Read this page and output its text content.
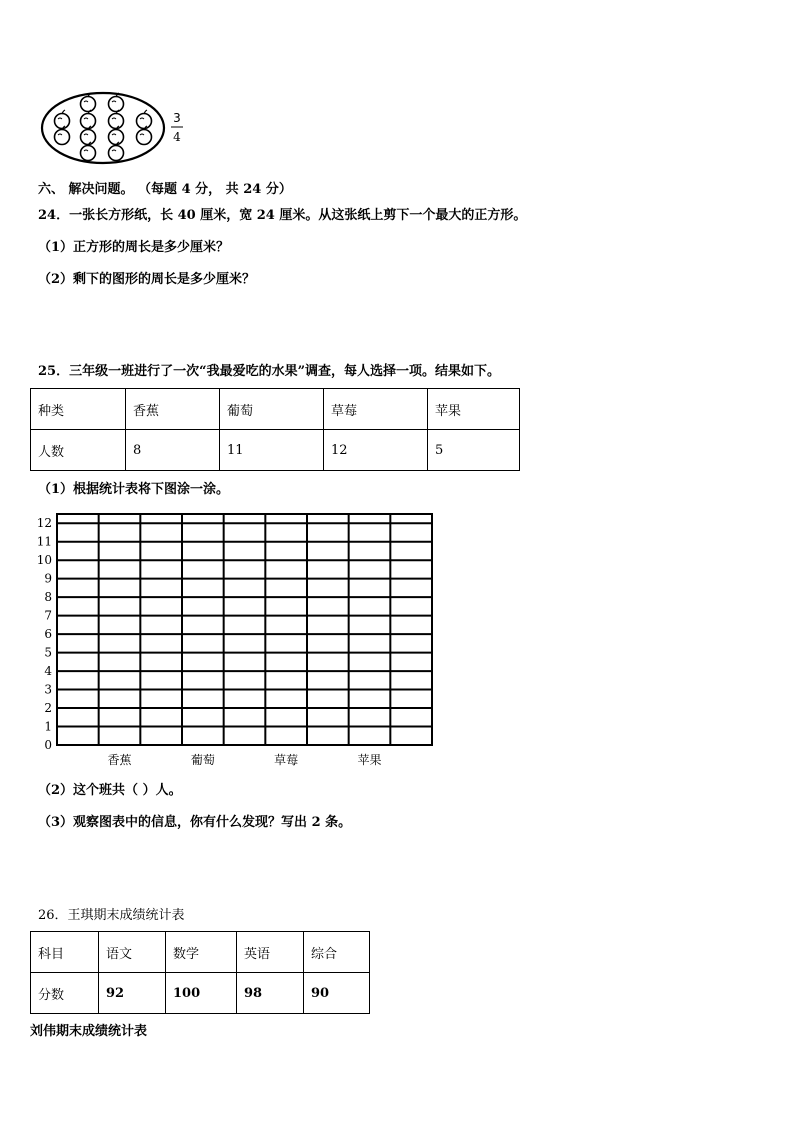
3
4
六、 解决问题。 （每题 4 分， 共 24 分）
24．一张长方形纸，长 40 厘米，宽 24 厘米。从这张纸上剪下一个最大的正方形。
（1）正方形的周长是多少厘米？
（2）剩下的图形的周长是多少厘米？
25．三年级一班进行了一次“我最爱吃的水果”调查，每人选择一项。结果如下。
种类	香蕉	葡萄	草莓	苹果
人数	8	11	12	5
（1）根据统计表将下图涂一涂。
0
1
2
3
4
5
6
7
8
9
10
11
12
香蕉	葡萄	草莓	苹果
（2）这个班共（ ）人。
（3）观察图表中的信息，你有什么发现？写出 2 条。
26．王琪期末成绩统计表
科目	语文	数学	英语	综合
分数	92	100	98	90
刘伟期末成绩统计表
